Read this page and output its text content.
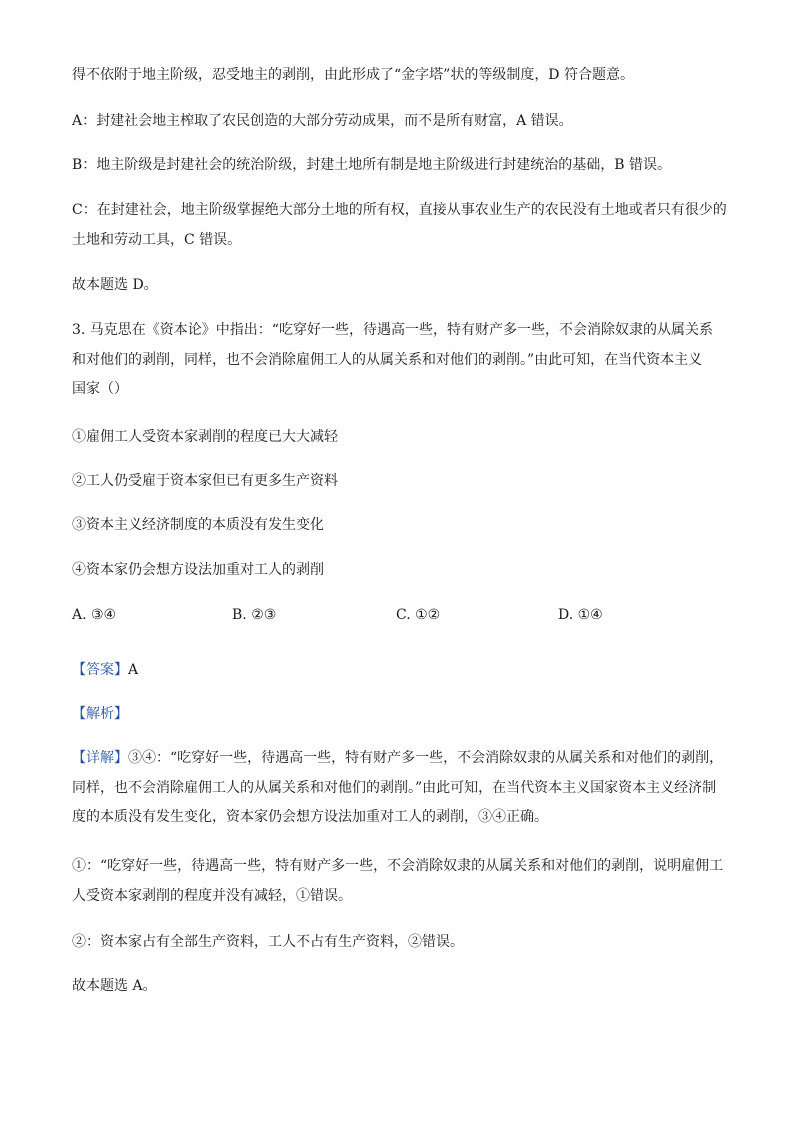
得不依附于地主阶级，忍受地主的剥削，由此形成了“金字塔”状的等级制度，D 符合题意。

A：封建社会地主榨取了农民创造的大部分劳动成果，而不是所有财富，A 错误。

B：地主阶级是封建社会的统治阶级，封建土地所有制是地主阶级进行封建统治的基础，B 错误。

C：在封建社会，地主阶级掌握绝大部分土地的所有权，直接从事农业生产的农民没有土地或者只有很少的
土地和劳动工具，C 错误。

故本题选 D。

3. 马克思在《资本论》中指出：“吃穿好一些，待遇高一些，特有财产多一些，不会消除奴隶的从属关系
和对他们的剥削，同样，也不会消除雇佣工人的从属关系和对他们的剥削。”由此可知，在当代资本主义
国家（）

①雇佣工人受资本家剥削的程度已大大减轻

②工人仍受雇于资本家但已有更多生产资料

③资本主义经济制度的本质没有发生变化

④资本家仍会想方设法加重对工人的剥削

A. ③④	B. ②③	C. ①②	D. ①④

【答案】A

【解析】

【详解】③④：“吃穿好一些，待遇高一些，特有财产多一些，不会消除奴隶的从属关系和对他们的剥削，
同样，也不会消除雇佣工人的从属关系和对他们的剥削。”由此可知，在当代资本主义国家资本主义经济制
度的本质没有发生变化，资本家仍会想方设法加重对工人的剥削，③④正确。

①：“吃穿好一些，待遇高一些，特有财产多一些，不会消除奴隶的从属关系和对他们的剥削，说明雇佣工
人受资本家剥削的程度并没有减轻，①错误。

②：资本家占有全部生产资料，工人不占有生产资料，②错误。

故本题选 A。
